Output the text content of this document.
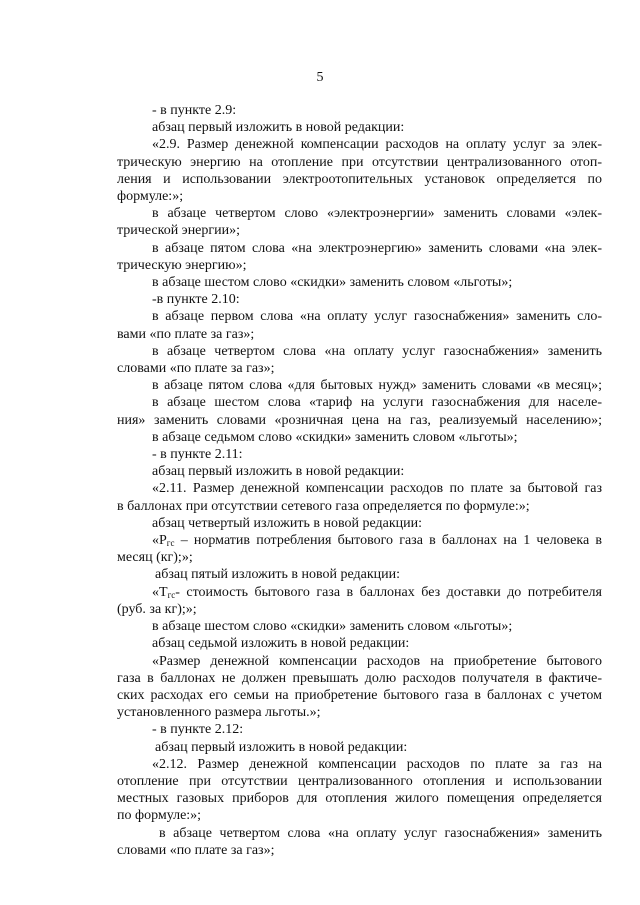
5
- в пункте 2.9:
абзац первый изложить в новой редакции:
«2.9. Размер денежной компенсации расходов на оплату услуг за элек-
трическую энергию на отопление при отсутствии централизованного отоп-
ления и использовании электроотопительных установок определяется по
формуле:»;
в абзаце четвертом слово «электроэнергии» заменить словами «элек-
трической энергии»;
в абзаце пятом слова «на электроэнергию» заменить словами «на элек-
трическую энергию»;
в абзаце шестом слово «скидки» заменить словом «льготы»;
-в пункте 2.10:
в абзаце первом слова «на оплату услуг газоснабжения» заменить сло-
вами «по плате за газ»;
в абзаце четвертом слова «на оплату услуг газоснабжения» заменить
словами «по плате за газ»;
в абзаце пятом слова «для бытовых нужд» заменить словами «в месяц»;
в абзаце шестом слова «тариф на услуги газоснабжения для населе-
ния» заменить словами «розничная цена на газ, реализуемый населению»;
в абзаце седьмом слово «скидки» заменить словом «льготы»;
- в пункте 2.11:
абзац первый изложить в новой редакции:
«2.11. Размер денежной компенсации расходов по плате за бытовой газ
в баллонах при отсутствии сетевого газа определяется по формуле:»;
абзац четвертый изложить в новой редакции:
«$Р_{гс}$ – норматив потребления бытового газа в баллонах на 1 человека в
месяц (кг);»;
абзац пятый изложить в новой редакции:
«$Т_{гс}-$ стоимость бытового газа в баллонах без доставки до потребителя
(руб. за кг);»;
в абзаце шестом слово «скидки» заменить словом «льготы»;
абзац седьмой изложить в новой редакции:
«Размер денежной компенсации расходов на приобретение бытового
газа в баллонах не должен превышать долю расходов получателя в фактиче-
ских расходах его семьи на приобретение бытового газа в баллонах с учетом
установленного размера льготы.»;
- в пункте 2.12:
абзац первый изложить в новой редакции:
«2.12. Размер денежной компенсации расходов по плате за газ на
отопление при отсутствии централизованного отопления и использовании
местных газовых приборов для отопления жилого помещения определяется
по формуле:»;
в абзаце четвертом слова «на оплату услуг газоснабжения» заменить
словами «по плате за газ»;
